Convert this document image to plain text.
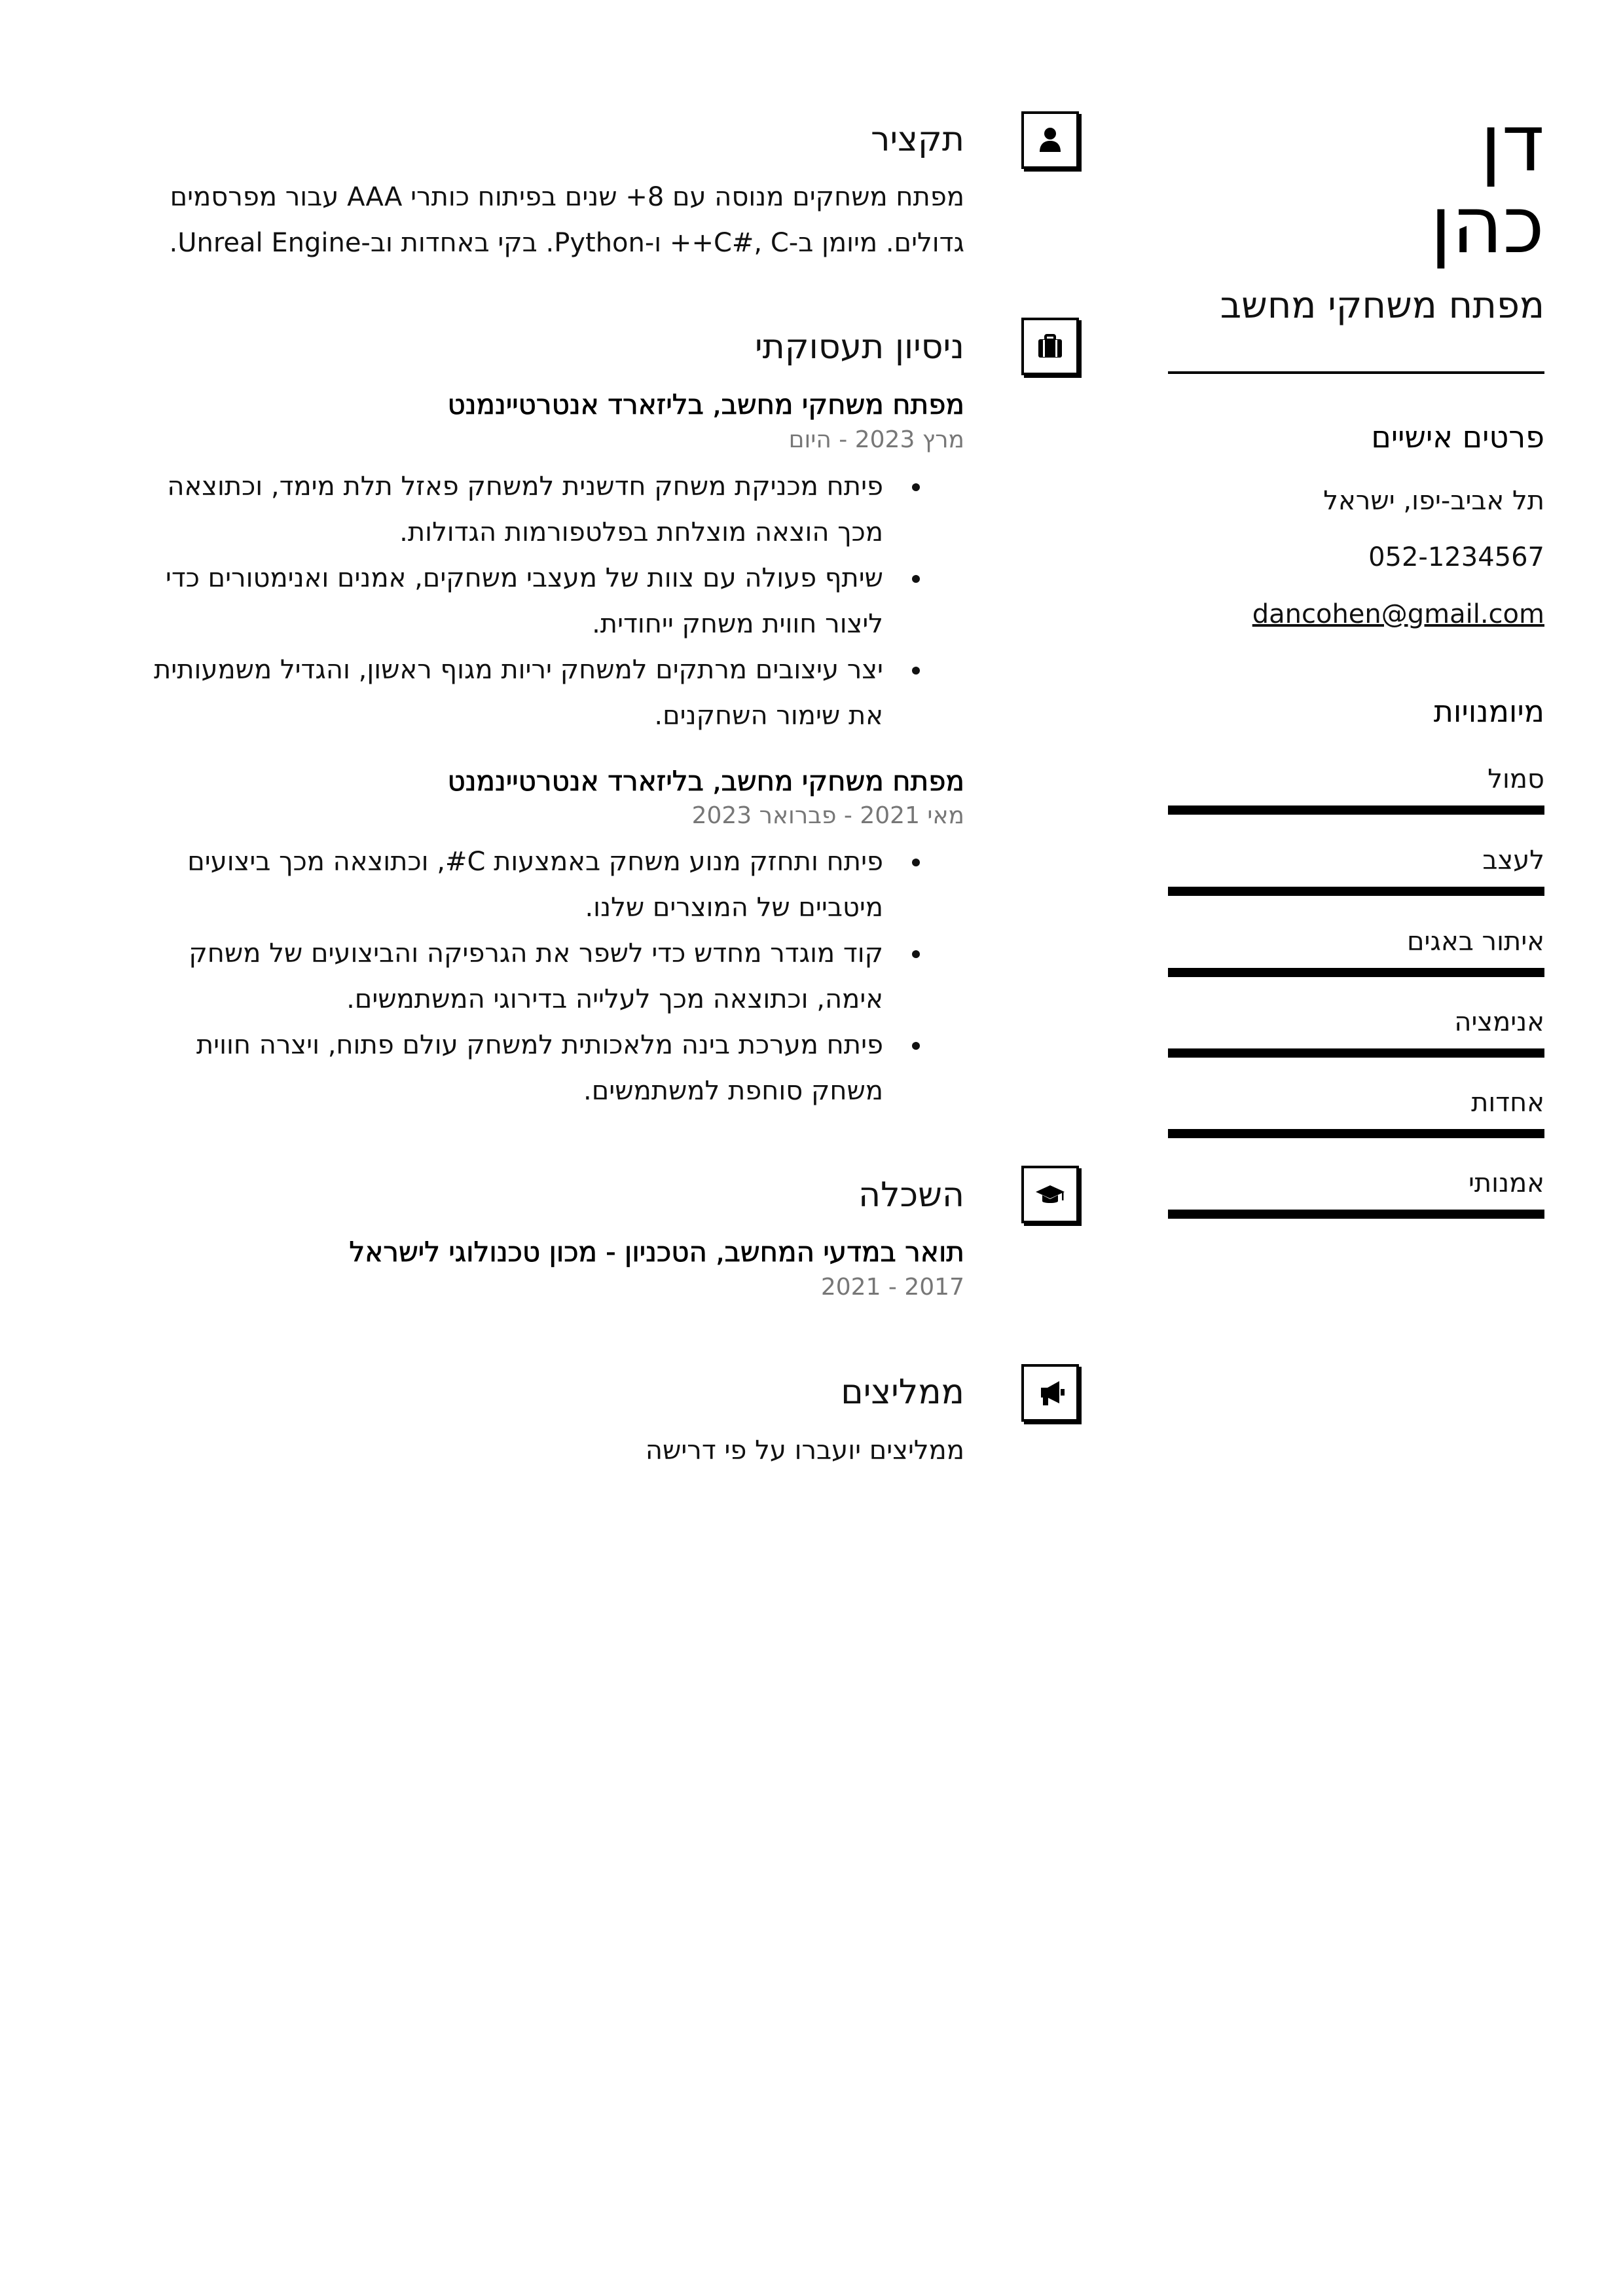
דן
כהן
מפתח משחקי מחשב
פרטים אישיים
תל אביב-יפו, ישראל
052-1234567
dancohen@gmail.com
מיומנויות
סמול
לעצב
איתור באגים
אנימציה
אחדות
אמנותי
תקציר
מפתח משחקים מנוסה עם 8+ שנים בפיתוח כותרי AAA עבור מפרסמים
גדולים. מיומן ב-C#, C++ ו-Python. בקי באחדות וב-Unreal Engine.
ניסיון תעסוקתי
מפתח משחקי מחשב, בליזארד אנטרטיינמנט
מרץ 2023 - היום
פיתח מכניקת משחק חדשנית למשחק פאזל תלת מימד, וכתוצאה מכך הוצאה מוצלחת בפלטפורמות הגדולות.
שיתף פעולה עם צוות של מעצבי משחקים, אמנים ואנימטורים כדי ליצור חווית משחק ייחודית.
יצר עיצובים מרתקים למשחק יריות מגוף ראשון, והגדיל משמעותית את שימור השחקנים.
מפתח משחקי מחשב, בליזארד אנטרטיינמנט
מאי 2021 - פברואר 2023
פיתח ותחזק מנוע משחק באמצעות C#, וכתוצאה מכך ביצועים מיטביים של המוצרים שלנו.
קוד מוגדר מחדש כדי לשפר את הגרפיקה והביצועים של משחק אימה, וכתוצאה מכך לעלייה בדירוגי המשתמשים.
פיתח מערכת בינה מלאכותית למשחק עולם פתוח, ויצרה חווית משחק סוחפת למשתמשים.
השכלה
תואר במדעי המחשב, הטכניון - מכון טכנולוגי לישראל
2017 - 2021
ממליצים
ממליצים יועברו על פי דרישה
